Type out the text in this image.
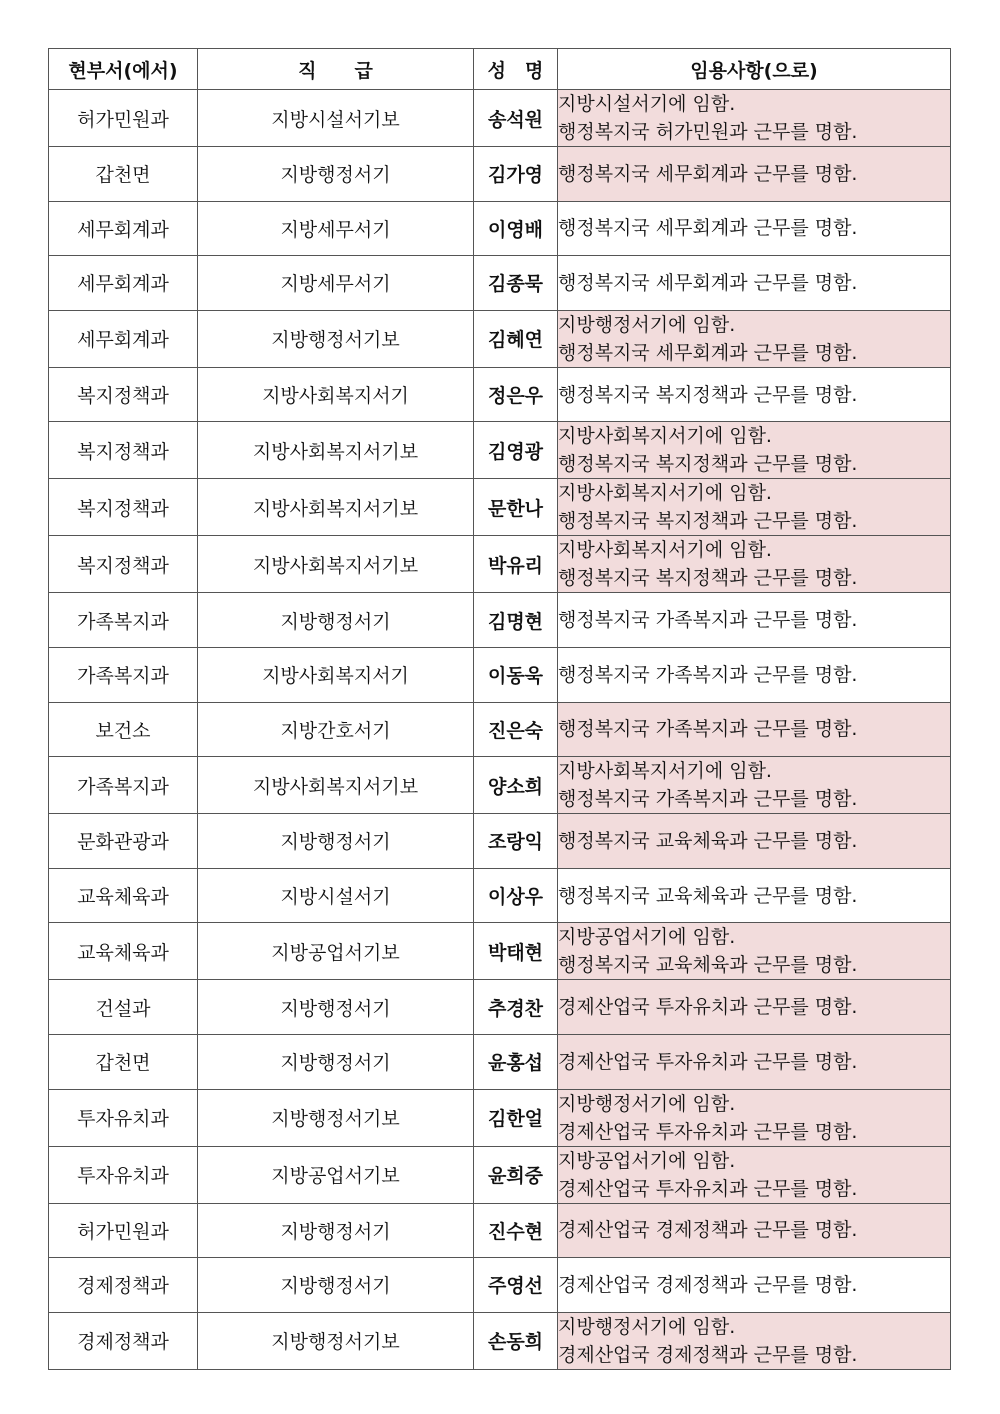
현부서(에서)	직　　급	성　명	임용사항(으로)
허가민원과	지방시설서기보	송석원	지방시설서기에 임함.
행정복지국 허가민원과 근무를 명함.

갑천면	지방행정서기	김가영	행정복지국 세무회계과 근무를 명함.

세무회계과	지방세무서기	이영배	행정복지국 세무회계과 근무를 명함.

세무회계과	지방세무서기	김종묵	행정복지국 세무회계과 근무를 명함.

세무회계과	지방행정서기보	김혜연	지방행정서기에 임함.
행정복지국 세무회계과 근무를 명함.

복지정책과	지방사회복지서기	정은우	행정복지국 복지정책과 근무를 명함.

복지정책과	지방사회복지서기보	김영광	지방사회복지서기에 임함.
행정복지국 복지정책과 근무를 명함.

복지정책과	지방사회복지서기보	문한나	지방사회복지서기에 임함.
행정복지국 복지정책과 근무를 명함.

복지정책과	지방사회복지서기보	박유리	지방사회복지서기에 임함.
행정복지국 복지정책과 근무를 명함.

가족복지과	지방행정서기	김명현	행정복지국 가족복지과 근무를 명함.

가족복지과	지방사회복지서기	이동욱	행정복지국 가족복지과 근무를 명함.

보건소	지방간호서기	진은숙	행정복지국 가족복지과 근무를 명함.

가족복지과	지방사회복지서기보	양소희	지방사회복지서기에 임함.
행정복지국 가족복지과 근무를 명함.

문화관광과	지방행정서기	조랑익	행정복지국 교육체육과 근무를 명함.

교육체육과	지방시설서기	이상우	행정복지국 교육체육과 근무를 명함.

교육체육과	지방공업서기보	박태현	지방공업서기에 임함.
행정복지국 교육체육과 근무를 명함.

건설과	지방행정서기	추경찬	경제산업국 투자유치과 근무를 명함.

갑천면	지방행정서기	윤홍섭	경제산업국 투자유치과 근무를 명함.

투자유치과	지방행정서기보	김한얼	지방행정서기에 임함.
경제산업국 투자유치과 근무를 명함.

투자유치과	지방공업서기보	윤희중	지방공업서기에 임함.
경제산업국 투자유치과 근무를 명함.

허가민원과	지방행정서기	진수현	경제산업국 경제정책과 근무를 명함.

경제정책과	지방행정서기	주영선	경제산업국 경제정책과 근무를 명함.

경제정책과	지방행정서기보	손동희	지방행정서기에 임함.
경제산업국 경제정책과 근무를 명함.
